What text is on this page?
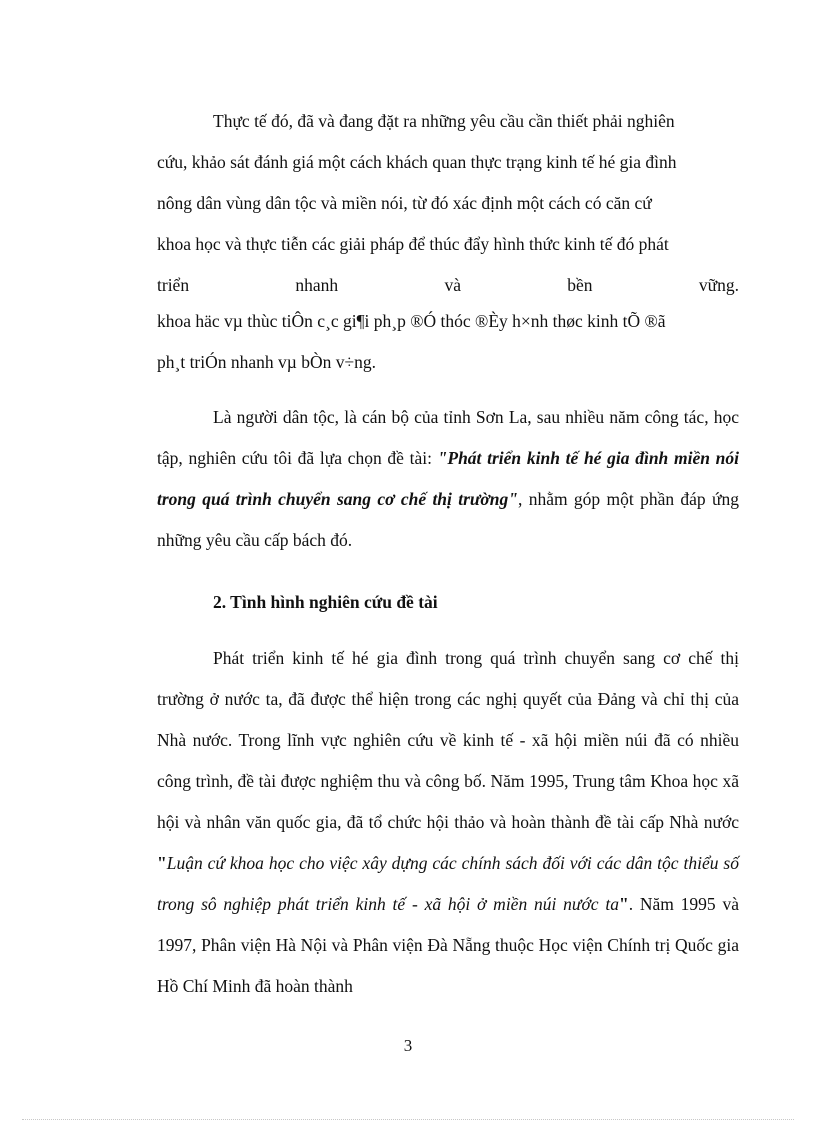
Thực tế đó, đã và đang đặt ra những yêu cầu cần thiết phải nghiên
cứu, khảo sát đánh giá một cách khách quan thực trạng kinh tế hé gia đình
nông dân vùng dân tộc và miền nói, từ đó xác định một cách có căn cứ
khoa học và thực tiễn các giải pháp để thúc đẩy hình thức kinh tế đó phát
triển	nhanh	và	bền	vững.
khoa häc vµ thùc tiÔn c¸c gi¶i ph¸p ®Ó thóc ®Èy h×nh thøc kinh tÕ ®ã
ph¸t triÓn nhanh vµ bÒn v÷ng.

Là người dân tộc, là cán bộ của tỉnh Sơn La, sau nhiều năm công tác, học tập, nghiên cứu tôi đã lựa chọn đề tài: "Phát triển kinh tế hé gia đình miền nói trong quá trình chuyển sang cơ chế thị trường", nhằm góp một phần đáp ứng những yêu cầu cấp bách đó.

2. Tình hình nghiên cứu đề tài

Phát triển kinh tế hé gia đình trong quá trình chuyển sang cơ chế thị trường ở nước ta, đã được thể hiện trong các nghị quyết của Đảng và chỉ thị của Nhà nước. Trong lĩnh vực nghiên cứu về kinh tế - xã hội miền núi đã có nhiều công trình, đề tài được nghiệm thu và công bố. Năm 1995, Trung tâm Khoa học xã hội và nhân văn quốc gia, đã tổ chức hội thảo và hoàn thành đề tài cấp Nhà nước "Luận cứ khoa học cho việc xây dựng các chính sách đối với các dân tộc thiểu số trong sô nghiệp phát triển kinh tế - xã hội ở miền núi nước ta". Năm 1995 và 1997, Phân viện Hà Nội và Phân viện Đà Nẵng thuộc Học viện Chính trị Quốc gia Hồ Chí Minh đã hoàn thành

3
